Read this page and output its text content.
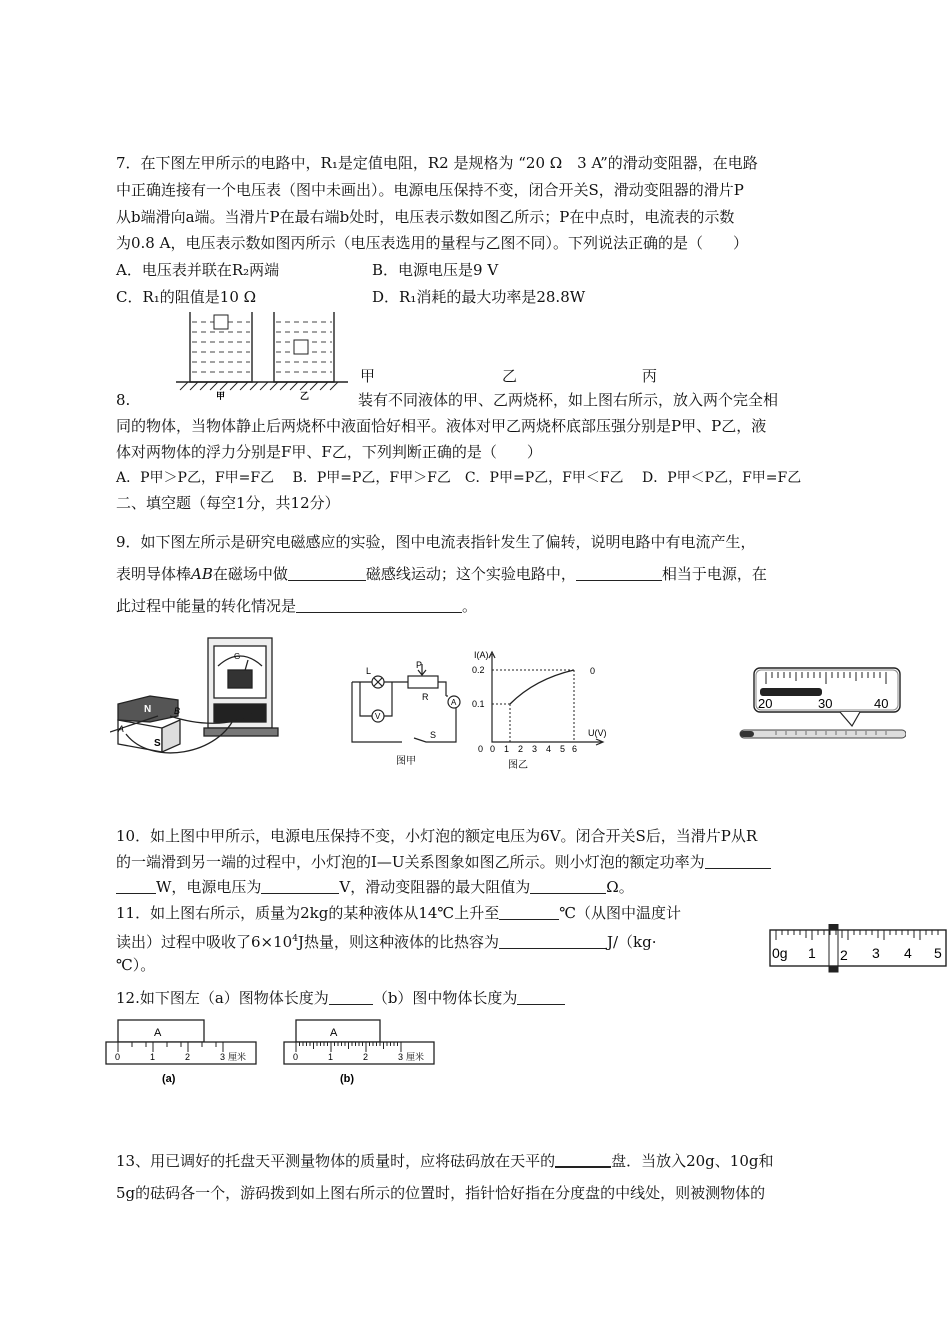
7．在下图左甲所示的电路中，R₁是定值电阻，R2 是规格为 “20 Ω　3 A”的滑动变阻器，在电路
中正确连接有一个电压表（图中未画出）。电源电压保持不变，闭合开关S，滑动变阻器的滑片P
从b端滑向a端。当滑片P在最右端b处时，电压表示数如图乙所示；P在中点时，电流表的示数
为0.8 A，电压表示数如图丙所示（电压表选用的量程与乙图不同）。下列说法正确的是（　　）
A．电压表并联在R₂两端	B．电源电压是9 V
C．R₁的阻值是10 Ω	D．R₁消耗的最大功率是28.8W
甲	乙
甲	乙	丙
8.	装有不同液体的甲、乙两烧杯，如上图右所示，放入两个完全相
同的物体，当物体静止后两烧杯中液面恰好相平。液体对甲乙两烧杯底部压强分别是P甲、P乙，液
体对两物体的浮力分别是F甲、F乙，下列判断正确的是（　　）
A．P甲＞P乙，F甲=F乙　 B．P甲=P乙，F甲＞F乙　C．P甲=P乙，F甲＜F乙　 D．P甲＜P乙，F甲=F乙
二、填空题（每空1分，共12分）
9．如下图左所示是研究电磁感应的实验，图中电流表指针发生了偏转，说明电路中有电流产生，
表明导体棒AB在磁场中做	磁感线运动；这个实验电路中，	相当于电源，在
此过程中能量的转化情况是	。
G
N
S
A
B
L
V
P
R
A
S
图甲
I(A)
U(V)
0.2
0.1
0
0
0 1 2 3 4 5 6
图乙
20	30	40
10．如上图中甲所示，电源电压保持不变，小灯泡的额定电压为6V。闭合开关S后，当滑片P从R
的一端滑到另一端的过程中，小灯泡的I—U关系图象如图乙所示。则小灯泡的额定功率为
W，电源电压为	V，滑动变阻器的最大阻值为	Ω。
11．如上图右所示，质量为2kg的某种液体从14℃上升至	℃（从图中温度计
读出）过程中吸收了$6\times 10^4J$热量，则这种液体的比热容为	J/（kg·
℃）。
0g 1 2 3 4 5
12.如下图左（a）图物体长度为	（b）图中物体长度为
A
0	1	2	3 厘米
(a)
A
0	1	2	3 厘米
(b)
13、用已调好的托盘天平测量物体的质量时，应将砝码放在天平的	盘．当放入20g、10g和
5g的砝码各一个，游码拨到如上图右所示的位置时，指针恰好指在分度盘的中线处，则被测物体的
